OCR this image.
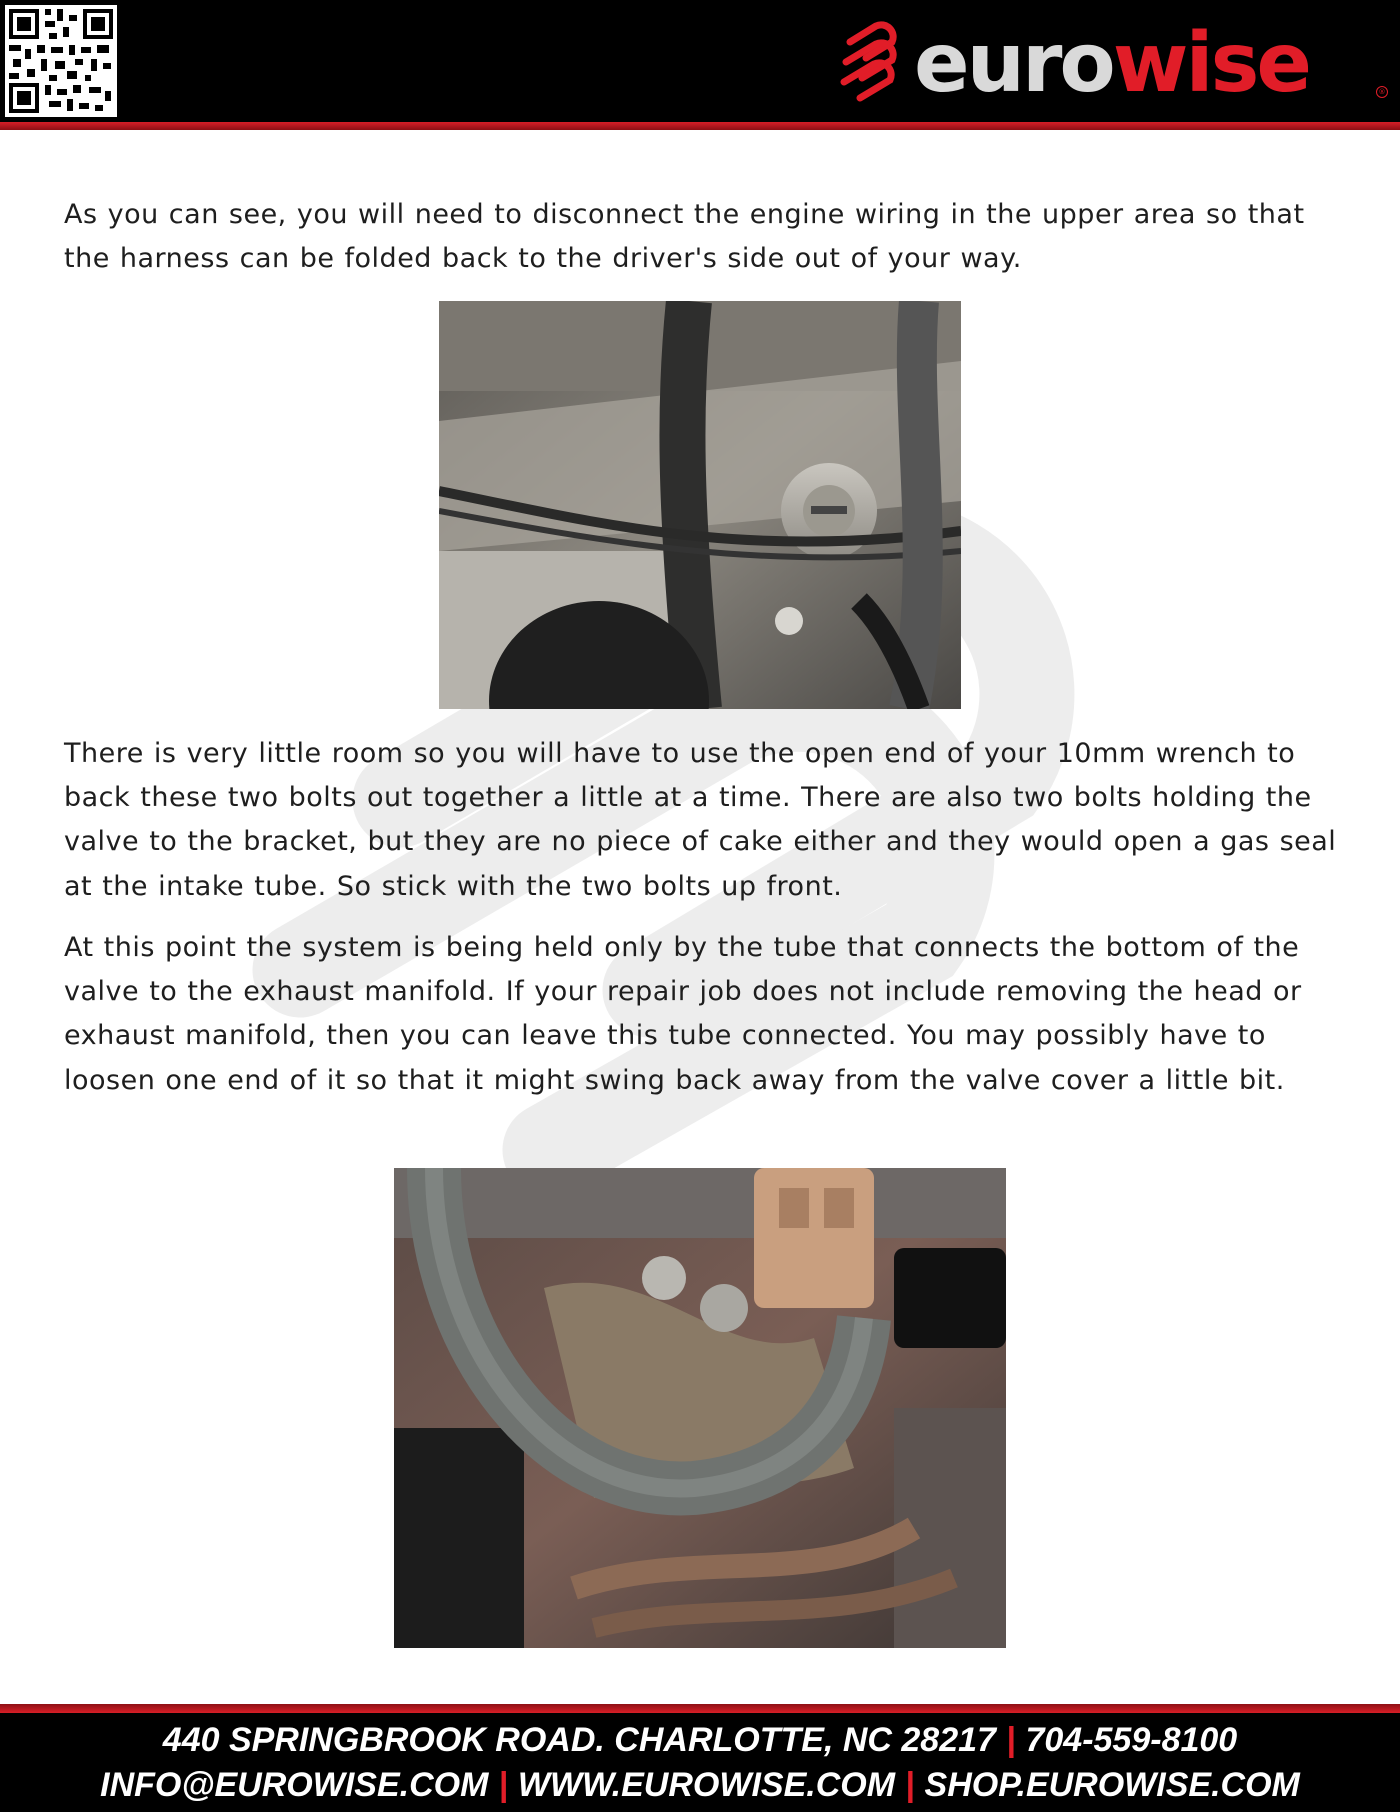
eurowise	®

As you can see, you will need to disconnect the engine wiring in the upper area so that the harness can be folded back to the driver's side out of your way.

There is very little room so you will have to use the open end of your 10mm wrench to back these two bolts out together a little at a time. There are also two bolts holding the valve to the bracket, but they are no piece of cake either and they would open a gas seal at the intake tube. So stick with the two bolts up front.

At this point the system is being held only by the tube that connects the bottom of the valve to the exhaust manifold. If your repair job does not include removing the head or exhaust manifold, then you can leave this tube connected. You may possibly have to loosen one end of it so that it might swing back away from the valve cover a little bit.

440 SPRINGBROOK ROAD. CHARLOTTE, NC 28217 | 704-559-8100
INFO@EUROWISE.COM | WWW.EUROWISE.COM | SHOP.EUROWISE.COM
